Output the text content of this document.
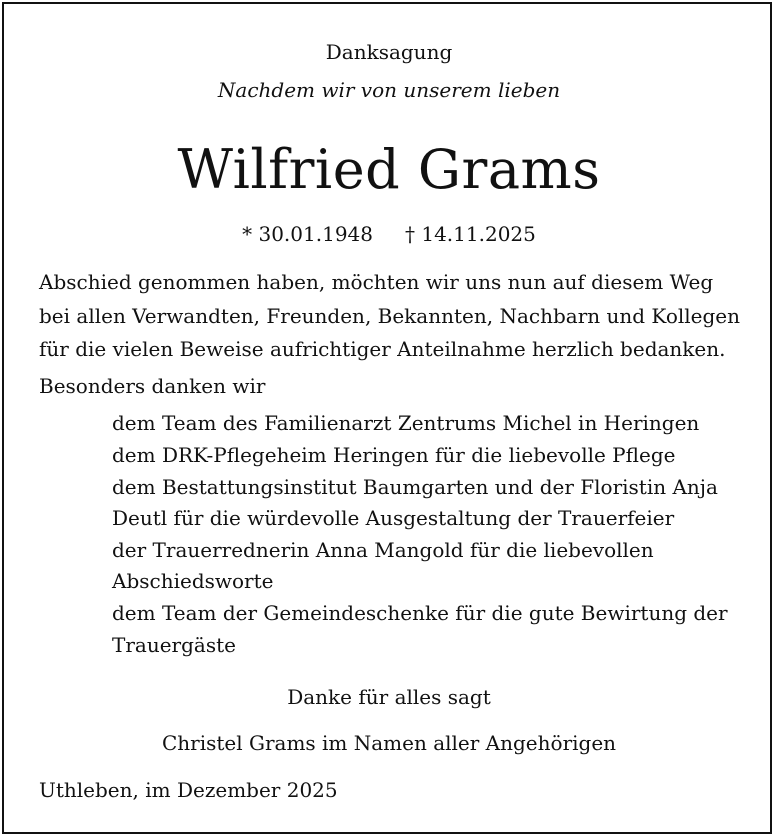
Danksagung
Nachdem wir von unserem lieben
Wilfried Grams
* 30.01.1948 † 14.11.2025
Abschied genommen haben, möchten wir uns nun auf diesem Weg
bei allen Verwandten, Freunden, Bekannten, Nachbarn und Kollegen
für die vielen Beweise aufrichtiger Anteilnahme herzlich bedanken.
Besonders danken wir
dem Team des Familienarzt Zentrums Michel in Heringen
dem DRK-Pflegeheim Heringen für die liebevolle Pflege
dem Bestattungsinstitut Baumgarten und der Floristin Anja
Deutl für die würdevolle Ausgestaltung der Trauerfeier
der Trauerrednerin Anna Mangold für die liebevollen
Abschiedsworte
dem Team der Gemeindeschenke für die gute Bewirtung der
Trauergäste
Danke für alles sagt
Christel Grams im Namen aller Angehörigen
Uthleben, im Dezember 2025
